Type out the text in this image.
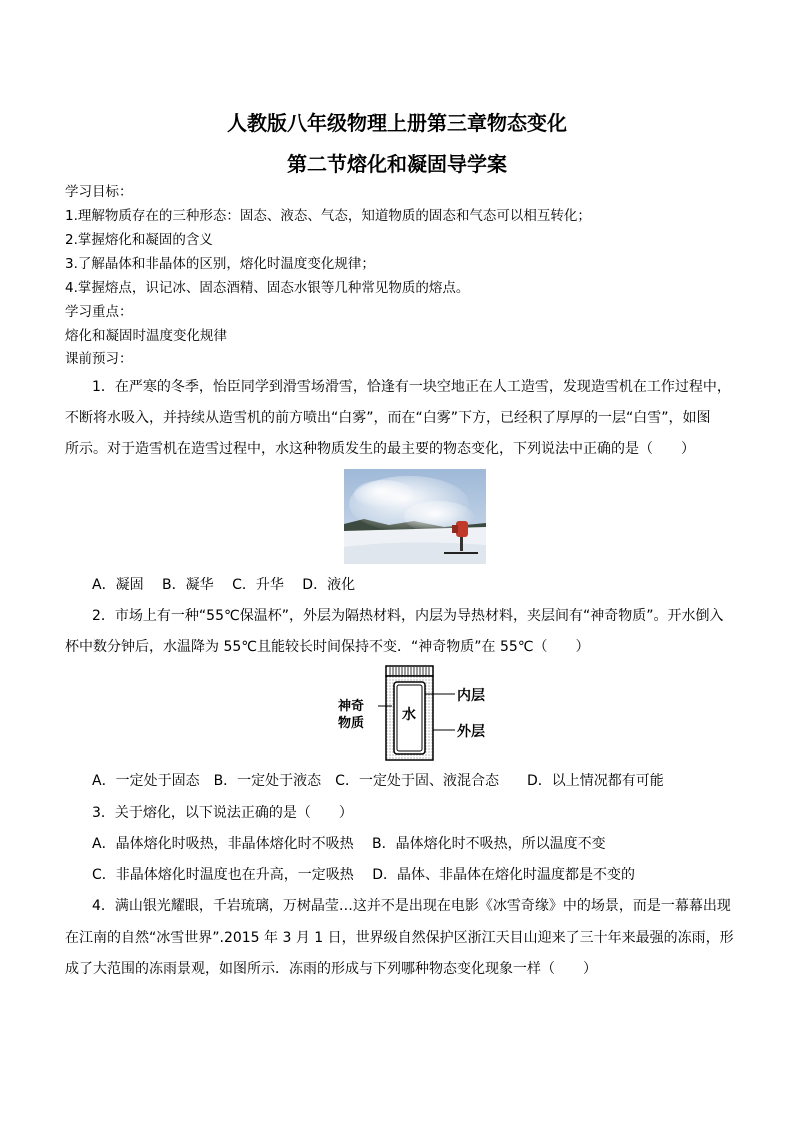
人教版八年级物理上册第三章物态变化
第二节熔化和凝固导学案
学习目标：
1.理解物质存在的三种形态：固态、液态、气态，知道物质的固态和气态可以相互转化；
2.掌握熔化和凝固的含义
3.了解晶体和非晶体的区别，熔化时温度变化规律；
4.掌握熔点，识记冰、固态酒精、固态水银等几种常见物质的熔点。
学习重点：
熔化和凝固时温度变化规律
课前预习：
1．在严寒的冬季，怡臣同学到滑雪场滑雪，恰逢有一块空地正在人工造雪，发现造雪机在工作过程中，
不断将水吸入，并持续从造雪机的前方喷出“白雾”，而在“白雾”下方，已经积了厚厚的一层“白雪”，如图
所示。对于造雪机在造雪过程中，水这种物质发生的最主要的物态变化，下列说法中正确的是（　　）
A．凝固　 B．凝华　 C．升华　 D．液化
2．市场上有一种“55℃保温杯”，外层为隔热材料，内层为导热材料，夹层间有“神奇物质”。开水倒入
杯中数分钟后，水温降为 55℃且能较长时间保持不变．“神奇物质”在 55℃（　　）
神奇
物质
水
内层
外层
A．一定处于固态　B．一定处于液态　C．一定处于固、液混合态　　D．以上情况都有可能
3．关于熔化，以下说法正确的是（　　）
A．晶体熔化时吸热，非晶体熔化时不吸热　 B．晶体熔化时不吸热，所以温度不变
C．非晶体熔化时温度也在升高，一定吸热　 D．晶体、非晶体在熔化时温度都是不变的
4．满山银光耀眼，千岩琉璃，万树晶莹…这并不是出现在电影《冰雪奇缘》中的场景，而是一幕幕出现
在江南的自然“冰雪世界”.2015 年 3 月 1 日，世界级自然保护区浙江天目山迎来了三十年来最强的冻雨，形
成了大范围的冻雨景观，如图所示．冻雨的形成与下列哪种物态变化现象一样（　　）
